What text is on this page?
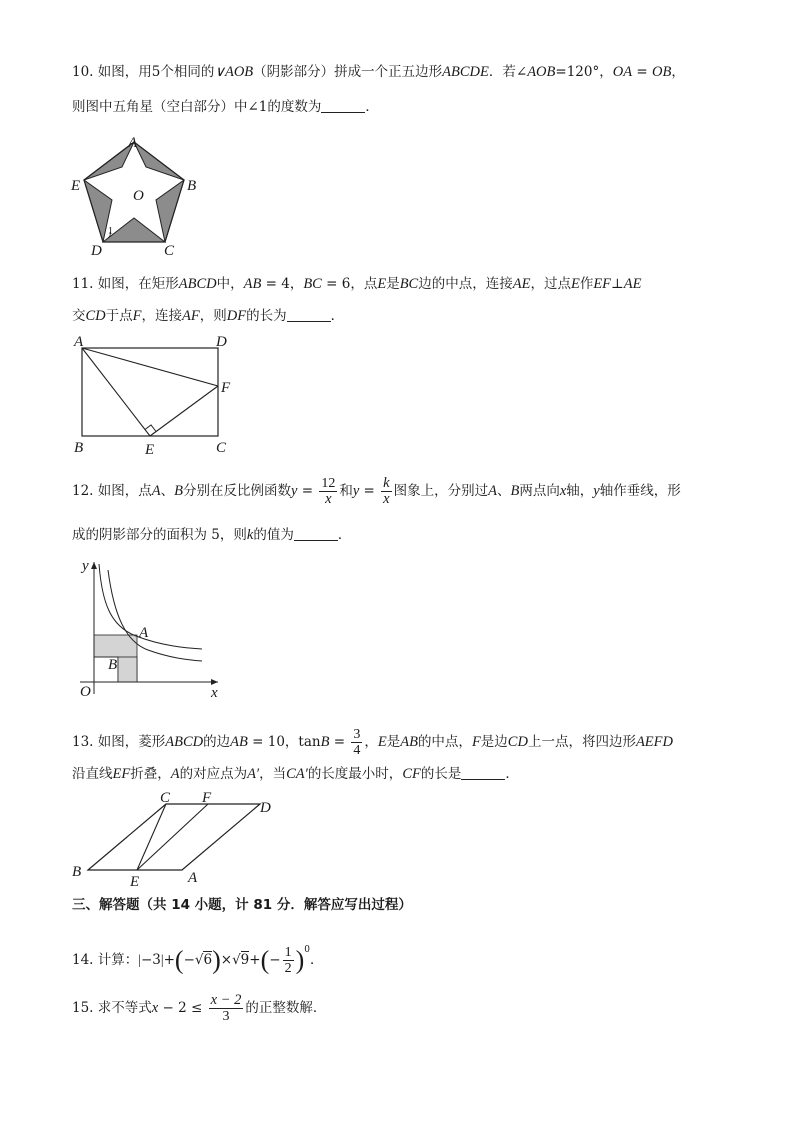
10. 如图，用5个相同的∨AOB（阴影部分）拼成一个正五边形ABCDE．若∠AOB=120°，OA = OB，
则图中五角星（空白部分）中∠1的度数为	．
A
B
C
D
E
O
1
11. 如图，在矩形ABCD中，AB = 4，BC = 6，点E是BC边的中点，连接AE，过点E作EF⊥AE
交CD于点F，连接AF，则DF的长为	．
A	D
F
B	E	C
12. 如图，点A、B分别在反比例函数$y = \frac{12}{x}$ 和$y = \frac{k}{x}$ 图象上，分别过A、B两点向x轴，y轴作垂线，形
成的阴影部分的面积为 5，则k的值为	．
y
x
O
A
B
13. 如图，菱形ABCD的边AB = 10，$\tan B = \frac{3}{4}$ ，E是AB的中点，F是边CD上一点，将四边形AEFD
沿直线EF折叠，A的对应点为A′，当CA′的长度最小时，CF的长是	．
C F
D
B
E	A
三、解答题（共 14 小题，计 81 分．解答应写出过程）
14. 计算：$|-3|+(-√6)\times√9+(- \frac{1}{2} )^0$．
15. 求不等式$x - 2 \le \frac{x - 2}{3}$ 的正整数解．
